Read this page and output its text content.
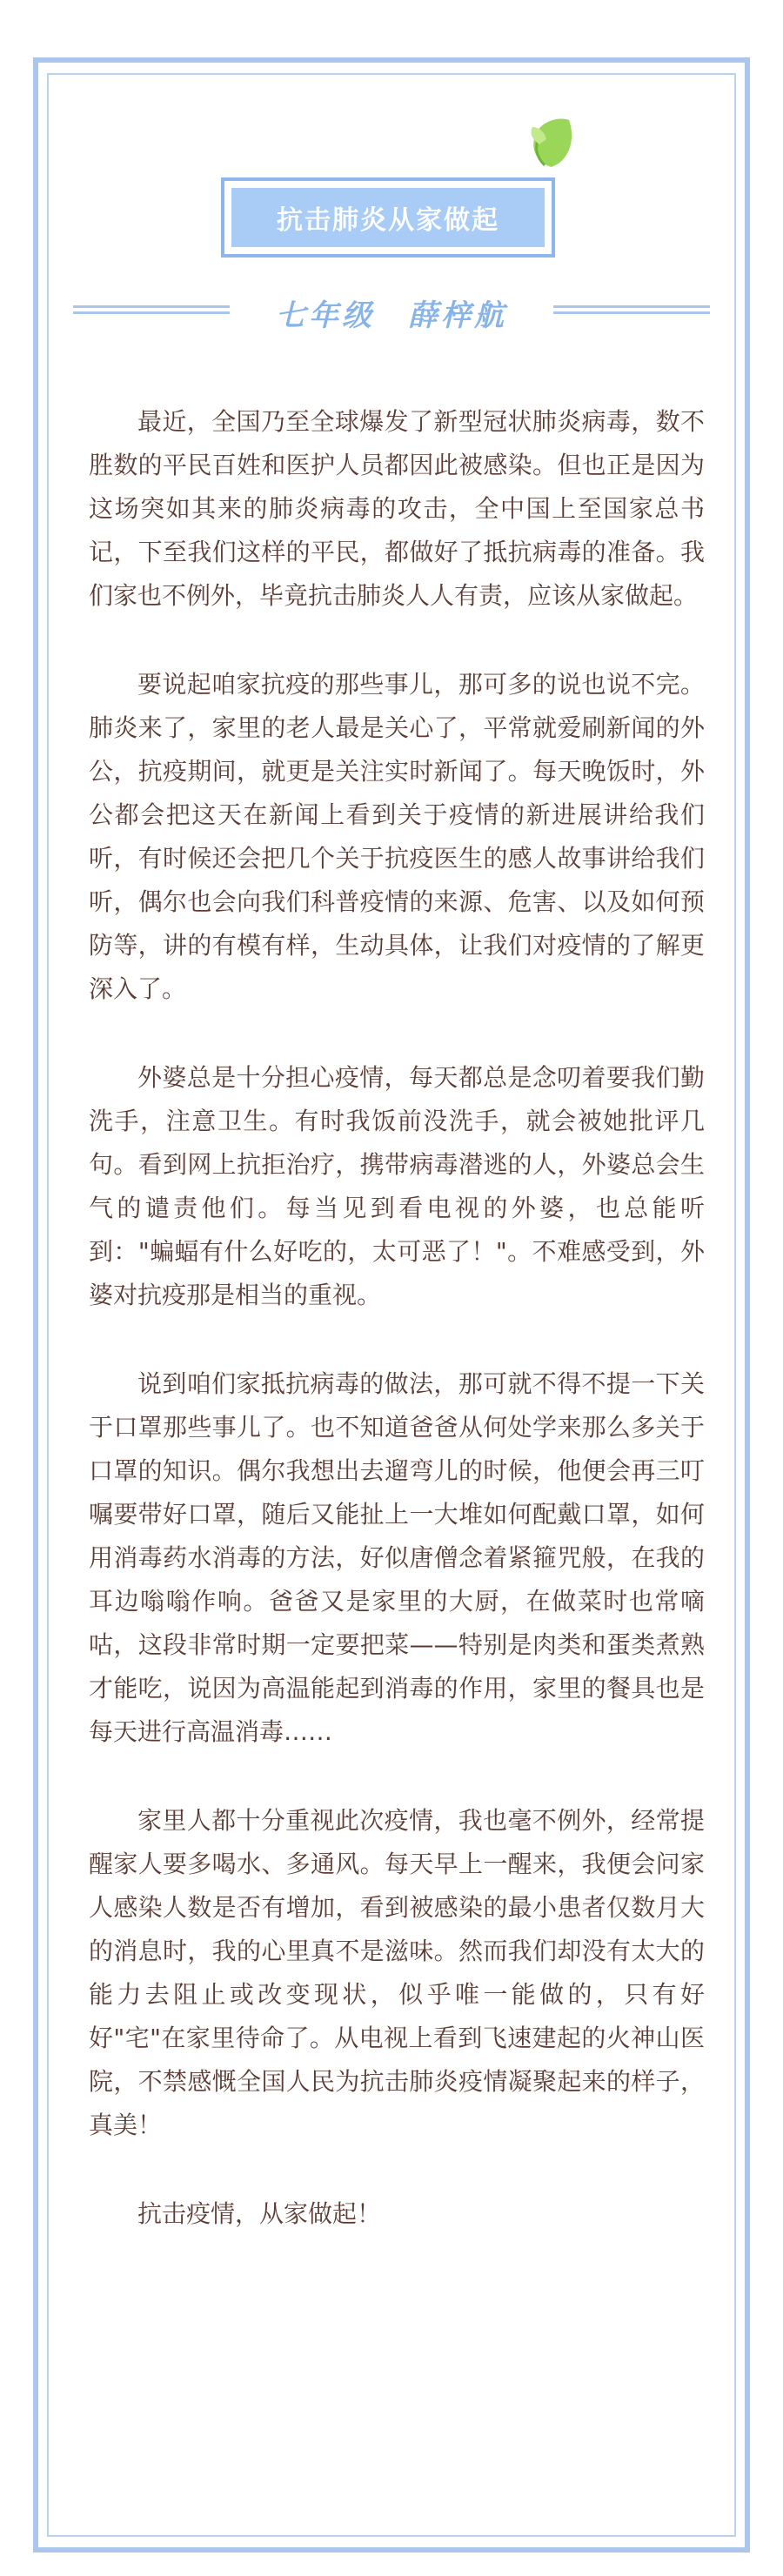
抗击肺炎从家做起
七年级　薛梓航

最近，全国乃至全球爆发了新型冠状肺炎病毒，数不胜数的平民百姓和医护人员都因此被感染。但也正是因为这场突如其来的肺炎病毒的攻击，全中国上至国家总书记，下至我们这样的平民，都做好了抵抗病毒的准备。我们家也不例外，毕竟抗击肺炎人人有责，应该从家做起。

要说起咱家抗疫的那些事儿，那可多的说也说不完。肺炎来了，家里的老人最是关心了，平常就爱刷新闻的外公，抗疫期间，就更是关注实时新闻了。每天晚饭时，外公都会把这天在新闻上看到关于疫情的新进展讲给我们听，有时候还会把几个关于抗疫医生的感人故事讲给我们听，偶尔也会向我们科普疫情的来源、危害、以及如何预防等，讲的有模有样，生动具体，让我们对疫情的了解更深入了。

外婆总是十分担心疫情，每天都总是念叨着要我们勤洗手，注意卫生。有时我饭前没洗手，就会被她批评几句。看到网上抗拒治疗，携带病毒潜逃的人，外婆总会生气的谴责他们。每当见到看电视的外婆，也总能听到："蝙蝠有什么好吃的，太可恶了！"。不难感受到，外婆对抗疫那是相当的重视。

说到咱们家抵抗病毒的做法，那可就不得不提一下关于口罩那些事儿了。也不知道爸爸从何处学来那么多关于口罩的知识。偶尔我想出去遛弯儿的时候，他便会再三叮嘱要带好口罩，随后又能扯上一大堆如何配戴口罩，如何用消毒药水消毒的方法，好似唐僧念着紧箍咒般，在我的耳边嗡嗡作响。爸爸又是家里的大厨，在做菜时也常嘀咕，这段非常时期一定要把菜——特别是肉类和蛋类煮熟才能吃，说因为高温能起到消毒的作用，家里的餐具也是每天进行高温消毒……

家里人都十分重视此次疫情，我也毫不例外，经常提醒家人要多喝水、多通风。每天早上一醒来，我便会问家人感染人数是否有增加，看到被感染的最小患者仅数月大的消息时，我的心里真不是滋味。然而我们却没有太大的能力去阻止或改变现状，似乎唯一能做的，只有好好"宅"在家里待命了。从电视上看到飞速建起的火神山医院，不禁感慨全国人民为抗击肺炎疫情凝聚起来的样子，真美！

抗击疫情，从家做起！
